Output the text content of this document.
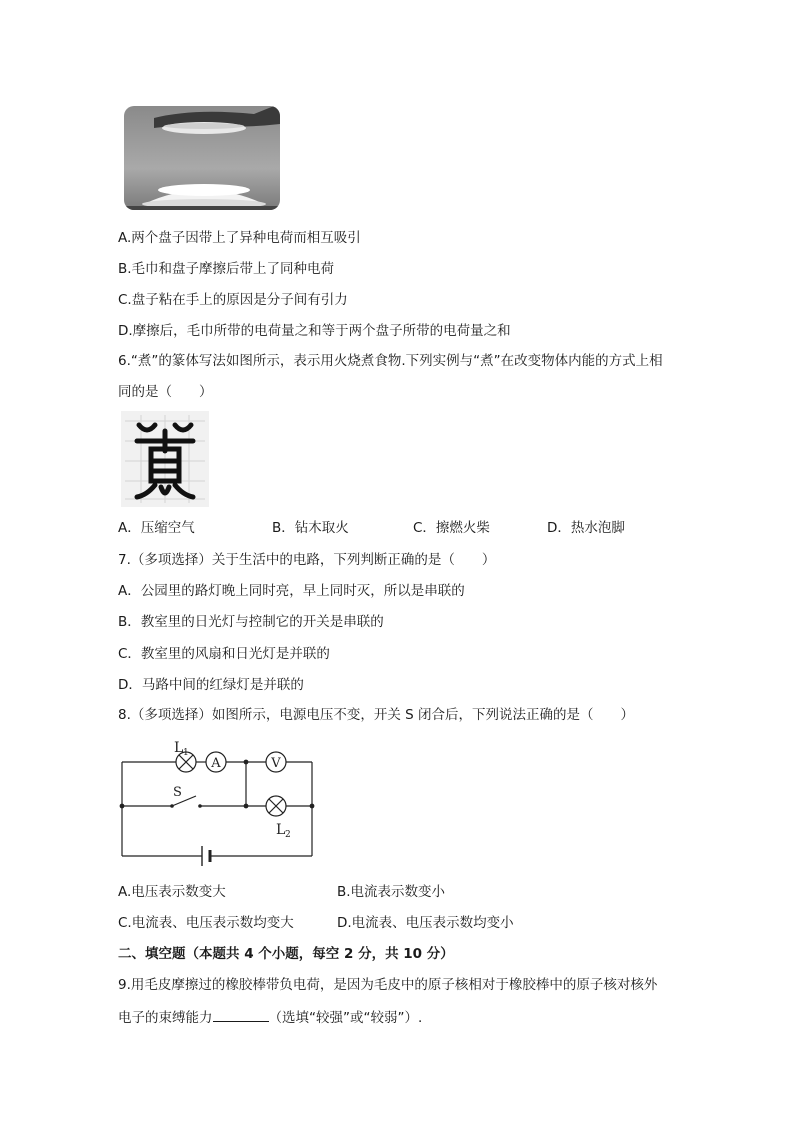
A.两个盘子因带上了异种电荷而相互吸引
B.毛巾和盘子摩擦后带上了同种电荷
C.盘子粘在手上的原因是分子间有引力
D.摩擦后，毛巾所带的电荷量之和等于两个盘子所带的电荷量之和
6.“煮”的篆体写法如图所示，表示用火烧煮食物.下列实例与“煮”在改变物体内能的方式上相
同的是（　　）
A．压缩空气	B．钻木取火	C．擦燃火柴	D．热水泡脚
7.（多项选择）关于生活中的电路，下列判断正确的是（　　）
A．公园里的路灯晚上同时亮，早上同时灭，所以是串联的
B．教室里的日光灯与控制它的开关是串联的
C．教室里的风扇和日光灯是并联的
D．马路中间的红绿灯是并联的
8.（多项选择）如图所示，电源电压不变，开关 S 闭合后，下列说法正确的是（　　）
A	V
L 1
S
L 2
A.电压表示数变大	B.电流表示数变小
C.电流表、电压表示数均变大	D.电流表、电压表示数均变小
二、填空题（本题共 4 个小题，每空 2 分，共 10 分）
9.用毛皮摩擦过的橡胶棒带负电荷，是因为毛皮中的原子核相对于橡胶棒中的原子核对核外
电子的束缚能力	（选填“较强”或“较弱”）.
